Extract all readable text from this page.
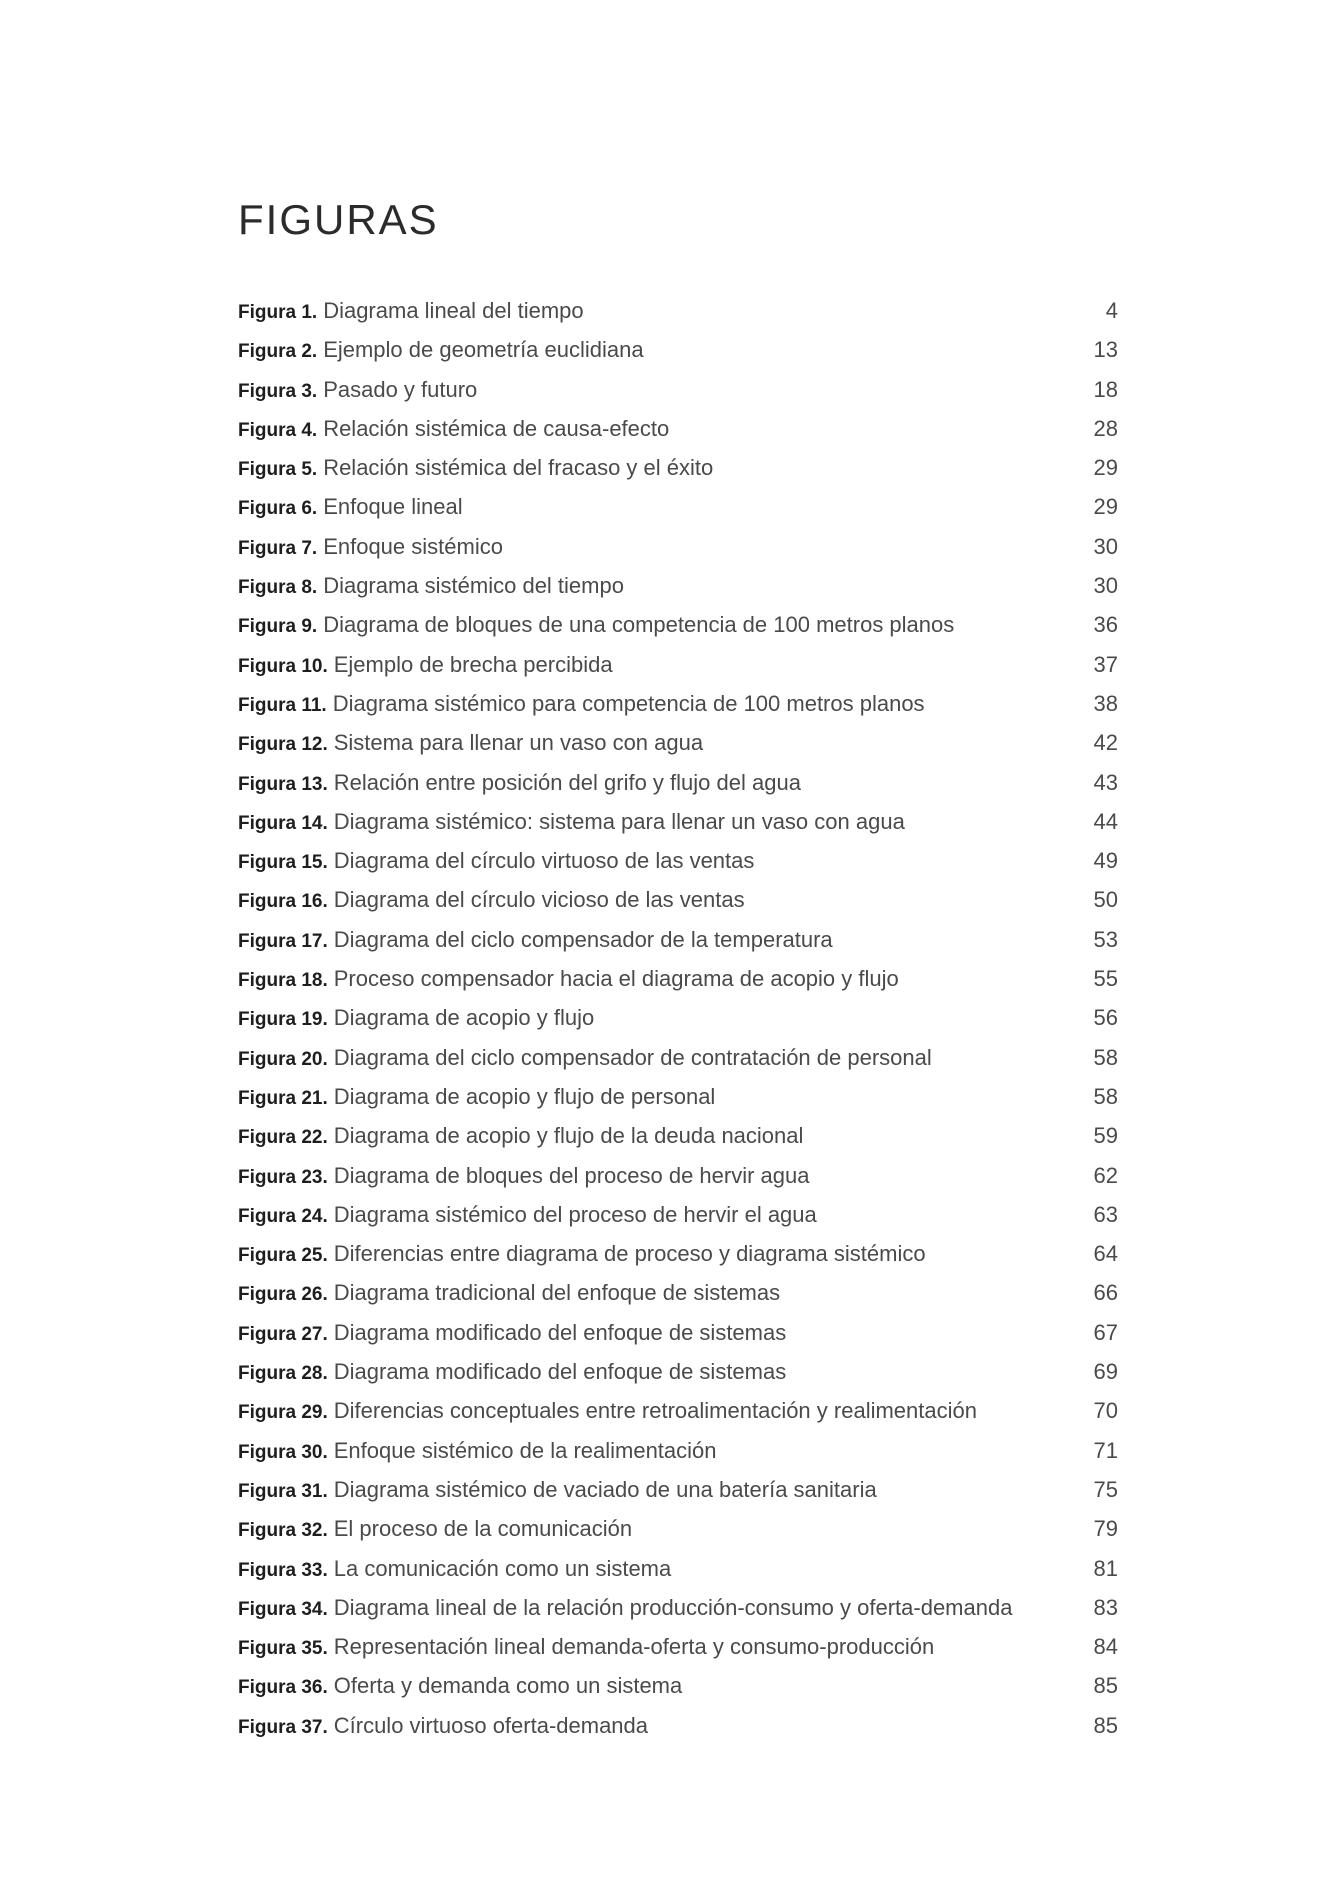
FIGURAS
Figura 1. Diagrama lineal del tiempo	4
Figura 2. Ejemplo de geometría euclidiana	13
Figura 3. Pasado y futuro	18
Figura 4. Relación sistémica de causa-efecto	28
Figura 5. Relación sistémica del fracaso y el éxito	29
Figura 6. Enfoque lineal	29
Figura 7. Enfoque sistémico	30
Figura 8. Diagrama sistémico del tiempo	30
Figura 9. Diagrama de bloques de una competencia de 100 metros planos	36
Figura 10. Ejemplo de brecha percibida	37
Figura 11. Diagrama sistémico para competencia de 100 metros planos	38
Figura 12. Sistema para llenar un vaso con agua	42
Figura 13. Relación entre posición del grifo y flujo del agua	43
Figura 14. Diagrama sistémico: sistema para llenar un vaso con agua	44
Figura 15. Diagrama del círculo virtuoso de las ventas	49
Figura 16. Diagrama del círculo vicioso de las ventas	50
Figura 17. Diagrama del ciclo compensador de la temperatura	53
Figura 18. Proceso compensador hacia el diagrama de acopio y flujo	55
Figura 19. Diagrama de acopio y flujo	56
Figura 20. Diagrama del ciclo compensador de contratación de personal	58
Figura 21. Diagrama de acopio y flujo de personal	58
Figura 22. Diagrama de acopio y flujo de la deuda nacional	59
Figura 23. Diagrama de bloques del proceso de hervir agua	62
Figura 24. Diagrama sistémico del proceso de hervir el agua	63
Figura 25. Diferencias entre diagrama de proceso y diagrama sistémico	64
Figura 26. Diagrama tradicional del enfoque de sistemas	66
Figura 27. Diagrama modificado del enfoque de sistemas	67
Figura 28. Diagrama modificado del enfoque de sistemas	69
Figura 29. Diferencias conceptuales entre retroalimentación y realimentación	70
Figura 30. Enfoque sistémico de la realimentación	71
Figura 31. Diagrama sistémico de vaciado de una batería sanitaria	75
Figura 32. El proceso de la comunicación	79
Figura 33. La comunicación como un sistema	81
Figura 34. Diagrama lineal de la relación producción-consumo y oferta-demanda	83
Figura 35. Representación lineal demanda-oferta y consumo-producción	84
Figura 36. Oferta y demanda como un sistema	85
Figura 37. Círculo virtuoso oferta-demanda	85
